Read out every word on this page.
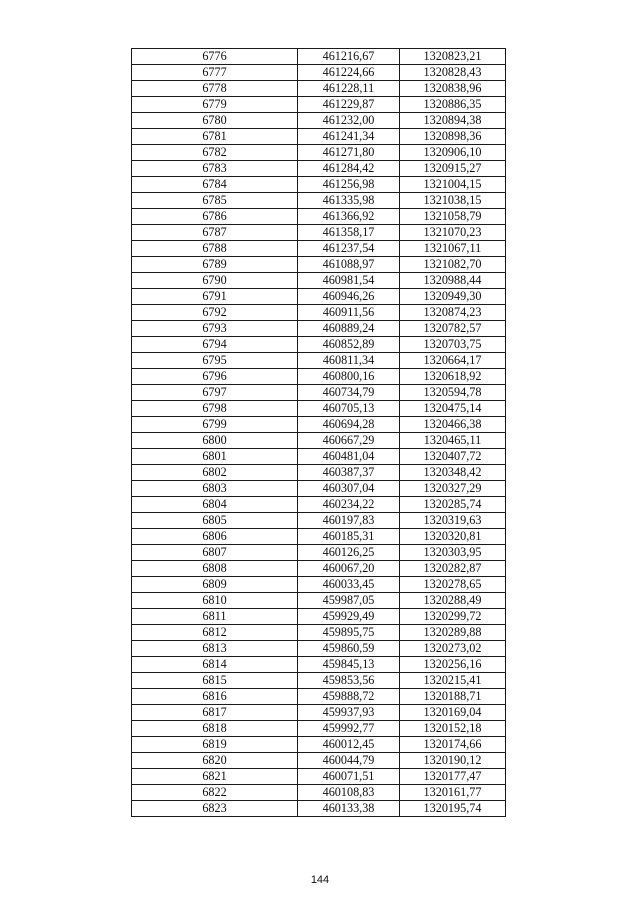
6776	461216,67	1320823,21
6777	461224,66	1320828,43
6778	461228,11	1320838,96
6779	461229,87	1320886,35
6780	461232,00	1320894,38
6781	461241,34	1320898,36
6782	461271,80	1320906,10
6783	461284,42	1320915,27
6784	461256,98	1321004,15
6785	461335,98	1321038,15
6786	461366,92	1321058,79
6787	461358,17	1321070,23
6788	461237,54	1321067,11
6789	461088,97	1321082,70
6790	460981,54	1320988,44
6791	460946,26	1320949,30
6792	460911,56	1320874,23
6793	460889,24	1320782,57
6794	460852,89	1320703,75
6795	460811,34	1320664,17
6796	460800,16	1320618,92
6797	460734,79	1320594,78
6798	460705,13	1320475,14
6799	460694,28	1320466,38
6800	460667,29	1320465,11
6801	460481,04	1320407,72
6802	460387,37	1320348,42
6803	460307,04	1320327,29
6804	460234,22	1320285,74
6805	460197,83	1320319,63
6806	460185,31	1320320,81
6807	460126,25	1320303,95
6808	460067,20	1320282,87
6809	460033,45	1320278,65
6810	459987,05	1320288,49
6811	459929,49	1320299,72
6812	459895,75	1320289,88
6813	459860,59	1320273,02
6814	459845,13	1320256,16
6815	459853,56	1320215,41
6816	459888,72	1320188,71
6817	459937,93	1320169,04
6818	459992,77	1320152,18
6819	460012,45	1320174,66
6820	460044,79	1320190,12
6821	460071,51	1320177,47
6822	460108,83	1320161,77
6823	460133,38	1320195,74
144
